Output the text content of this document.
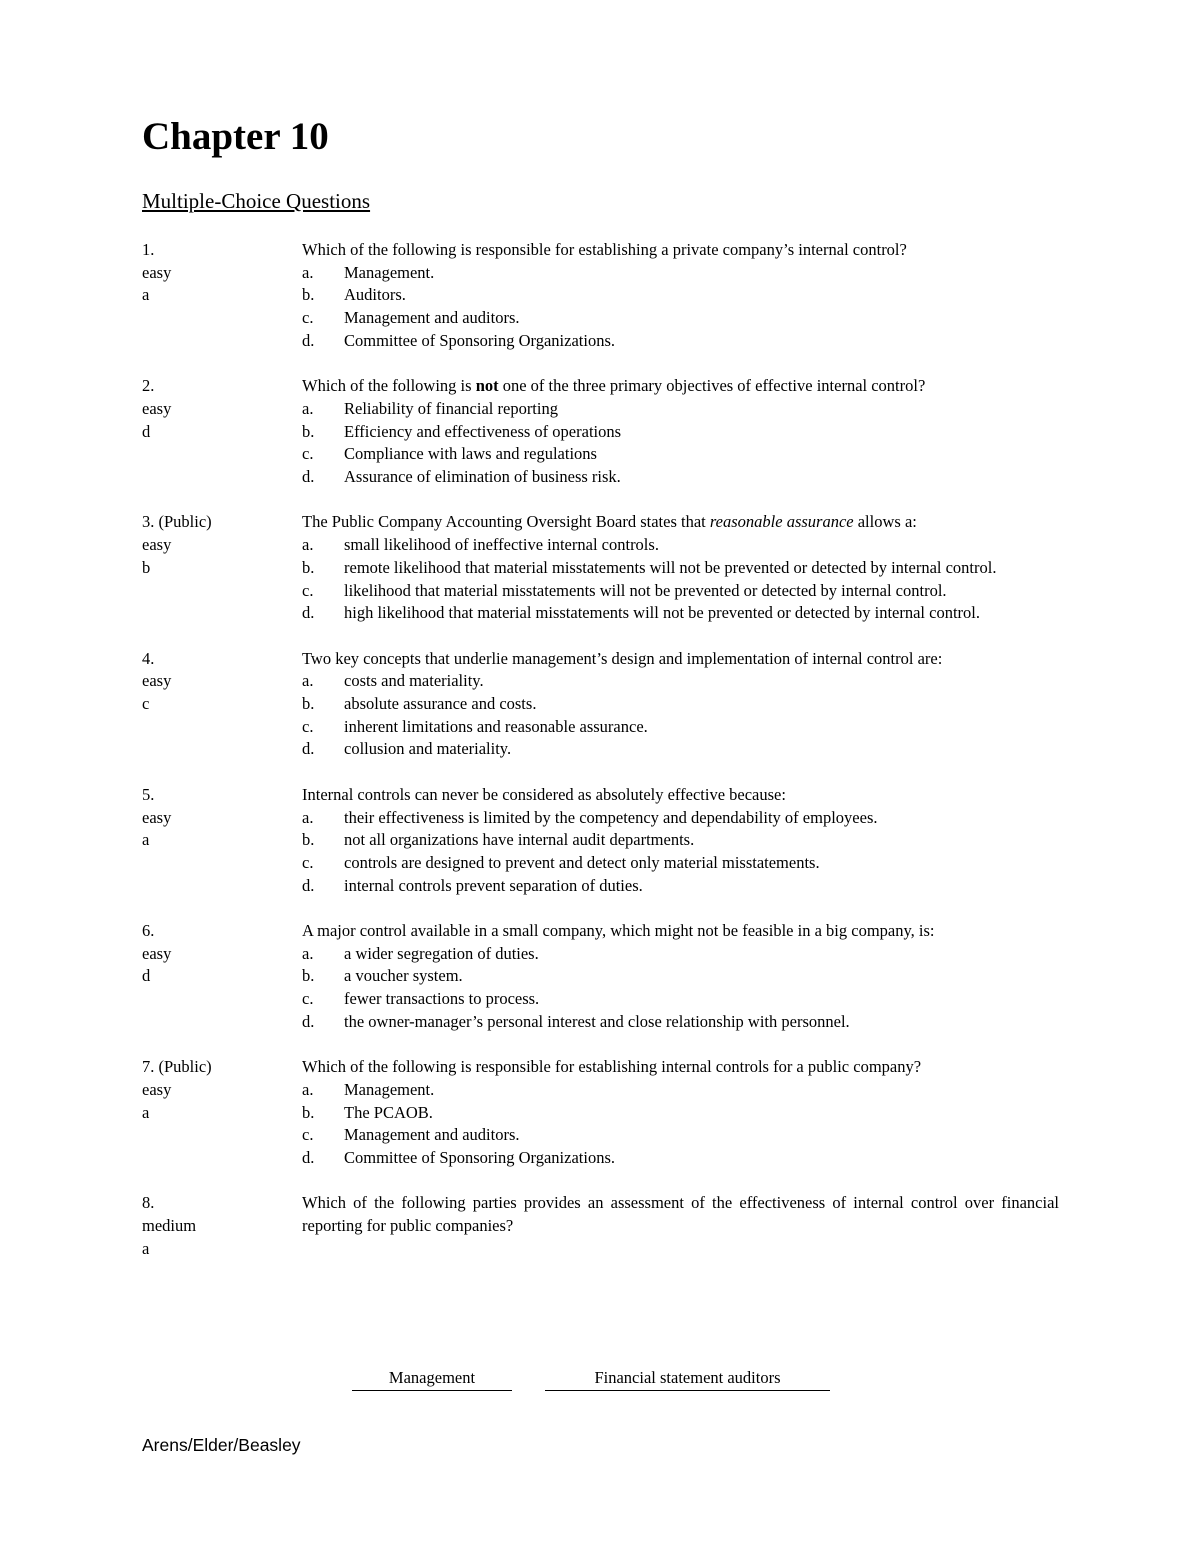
Chapter 10
Multiple-Choice Questions
1.
easy
a
Which of the following is responsible for establishing a private company’s internal control?
a.	Management.
b.	Auditors.
c.	Management and auditors.
d.	Committee of Sponsoring Organizations.
2.
easy
d
Which of the following is not one of the three primary objectives of effective internal control?
a.	Reliability of financial reporting
b.	Efficiency and effectiveness of operations
c.	Compliance with laws and regulations
d.	Assurance of elimination of business risk.
3. (Public)
easy
b
The Public Company Accounting Oversight Board states that reasonable assurance allows a:
a.	small likelihood of ineffective internal controls.
b.	remote likelihood that material misstatements will not be prevented or detected by internal control.
c.	likelihood that material misstatements will not be prevented or detected by internal control.
d.	high likelihood that material misstatements will not be prevented or detected by internal control.
4.
easy
c
Two key concepts that underlie management’s design and implementation of internal control are:
a.	costs and materiality.
b.	absolute assurance and costs.
c.	inherent limitations and reasonable assurance.
d.	collusion and materiality.
5.
easy
a
Internal controls can never be considered as absolutely effective because:
a.	their effectiveness is limited by the competency and dependability of employees.
b.	not all organizations have internal audit departments.
c.	controls are designed to prevent and detect only material misstatements.
d.	internal controls prevent separation of duties.
6.
easy
d
A major control available in a small company, which might not be feasible in a big company, is:
a.	a wider segregation of duties.
b.	a voucher system.
c.	fewer transactions to process.
d.	the owner-manager’s personal interest and close relationship with personnel.
7. (Public)
easy
a
Which of the following is responsible for establishing internal controls for a public company?
a.	Management.
b.	The PCAOB.
c.	Management and auditors.
d.	Committee of Sponsoring Organizations.
8.
medium
a
Which of the following parties provides an assessment of the effectiveness of internal control over financial reporting for public companies?
Management	Financial statement auditors
Arens/Elder/Beasley
